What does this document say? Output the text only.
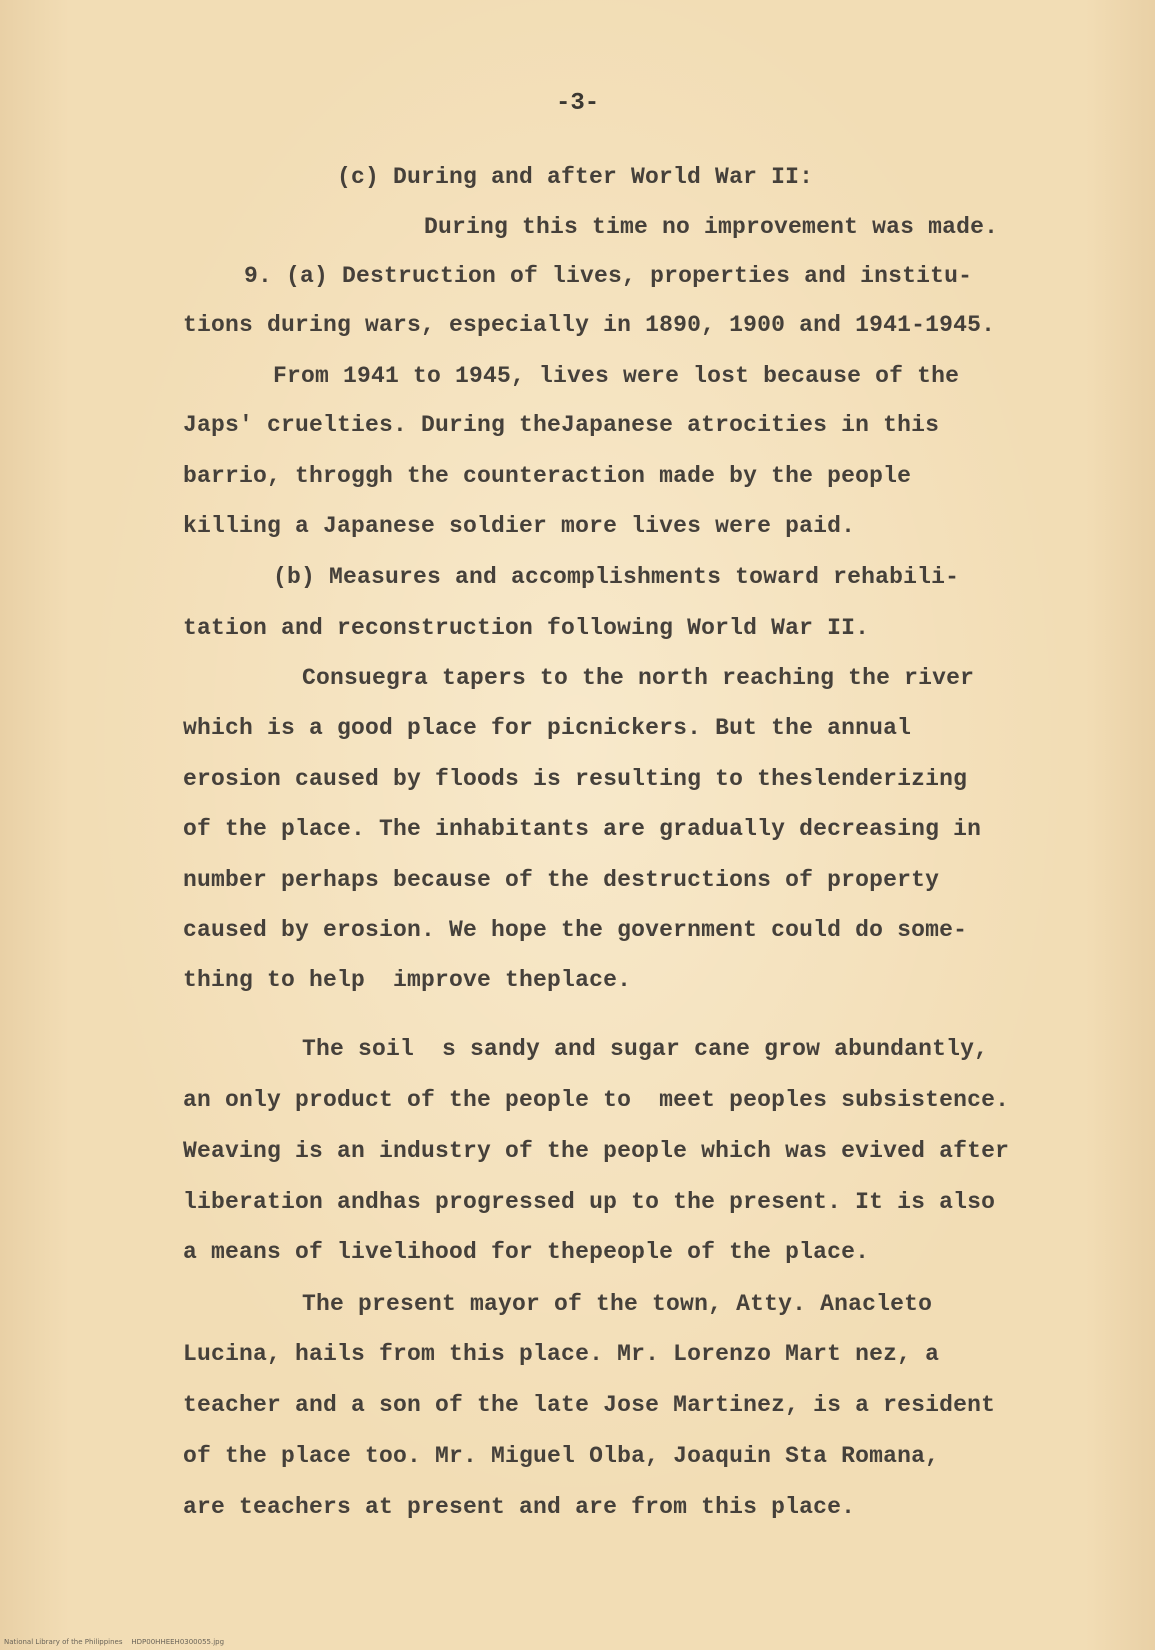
-3-
(c) During and after World War II:
During this time no improvement was made.
9. (a) Destruction of lives, properties and institu-
tions during wars, especially in 1890, 1900 and 1941-1945.
From 1941 to 1945, lives were lost because of the
Japs' cruelties. During theJapanese atrocities in this
barrio, throggh the counteraction made by the people
killing a Japanese soldier more lives were paid.
(b) Measures and accomplishments toward rehabili-
tation and reconstruction following World War II.
Consuegra tapers to the north reaching the river
which is a good place for picnickers. But the annual
erosion caused by floods is resulting to theslenderizing
of the place. The inhabitants are gradually decreasing in
number perhaps because of the destructions of property
caused by erosion. We hope the government could do some-
thing to help  improve theplace.
The soil  s sandy and sugar cane grow abundantly,
an only product of the people to  meet peoples subsistence.
Weaving is an industry of the people which was evived after
liberation andhas progressed up to the present. It is also
a means of livelihood for thepeople of the place.
The present mayor of the town, Atty. Anacleto
Lucina, hails from this place. Mr. Lorenzo Mart nez, a
teacher and a son of the late Jose Martinez, is a resident
of the place too. Mr. Miguel Olba, Joaquin Sta Romana,
are teachers at present and are from this place.
National Library of the Philippines    HDP00HHEEH0300055.jpg
